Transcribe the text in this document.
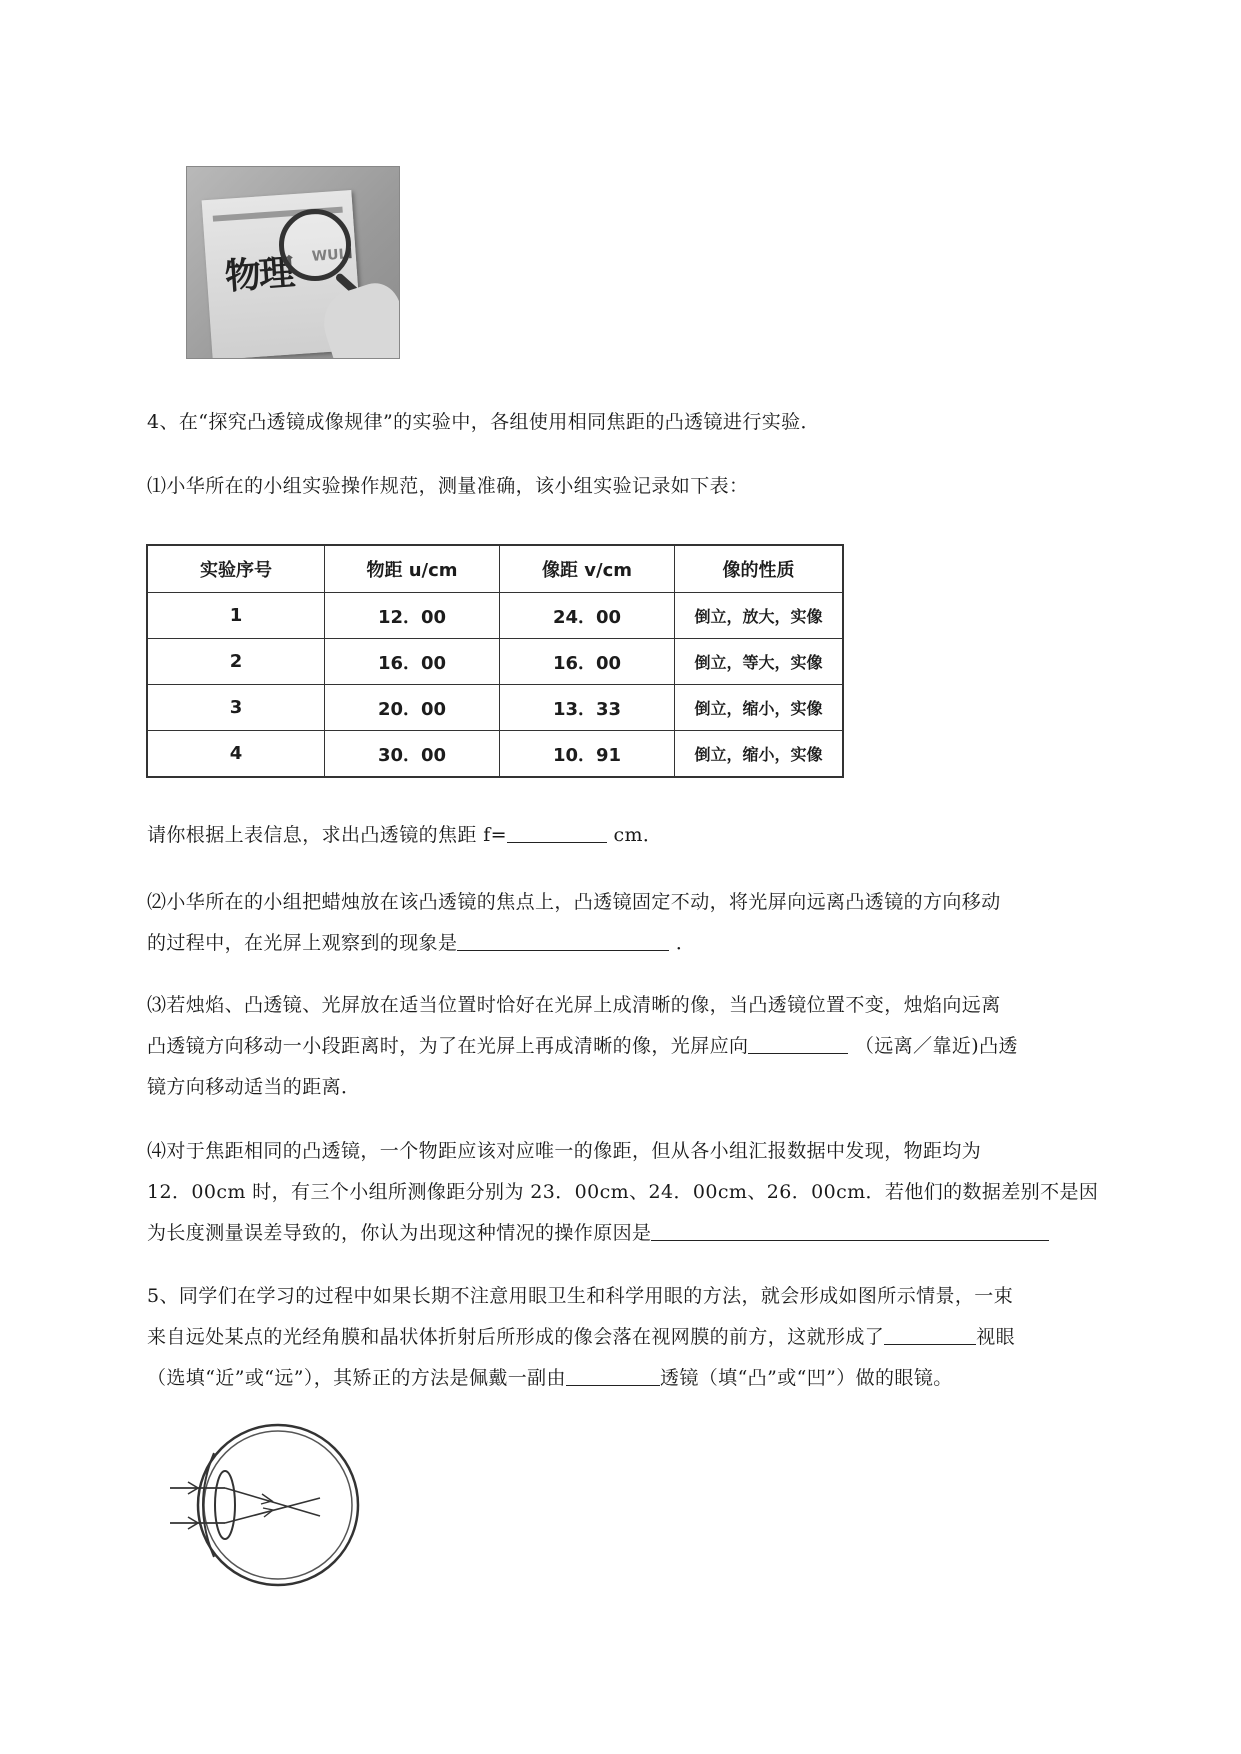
物理 WULI
4、在“探究凸透镜成像规律”的实验中，各组使用相同焦距的凸透镜进行实验．
⑴小华所在的小组实验操作规范，测量准确，该小组实验记录如下表：
实验序号	物距 u/cm	像距 v/cm	像的性质
1	12．00	24．00	倒立，放大，实像
2	16．00	16．00	倒立，等大，实像
3	20．00	13．33	倒立，缩小，实像
4	30．00	10．91	倒立，缩小，实像
请你根据上表信息，求出凸透镜的焦距 f=	cm．
⑵小华所在的小组把蜡烛放在该凸透镜的焦点上，凸透镜固定不动，将光屏向远离凸透镜的方向移动
的过程中，在光屏上观察到的现象是	．
⑶若烛焰、凸透镜、光屏放在适当位置时恰好在光屏上成清晰的像，当凸透镜位置不变，烛焰向远离
凸透镜方向移动一小段距离时，为了在光屏上再成清晰的像，光屏应向	（远离／靠近)凸透
镜方向移动适当的距离．
⑷对于焦距相同的凸透镜，一个物距应该对应唯一的像距，但从各小组汇报数据中发现，物距均为
12．00cm 时，有三个小组所测像距分别为 23．00cm、24．00cm、26．00cm．若他们的数据差别不是因
为长度测量误差导致的，你认为出现这种情况的操作原因是
5、同学们在学习的过程中如果长期不注意用眼卫生和科学用眼的方法，就会形成如图所示情景，一束
来自远处某点的光经角膜和晶状体折射后所形成的像会落在视网膜的前方，这就形成了	视眼
（选填“近”或“远”），其矫正的方法是佩戴一副由	透镜（填“凸”或“凹”）做的眼镜。
